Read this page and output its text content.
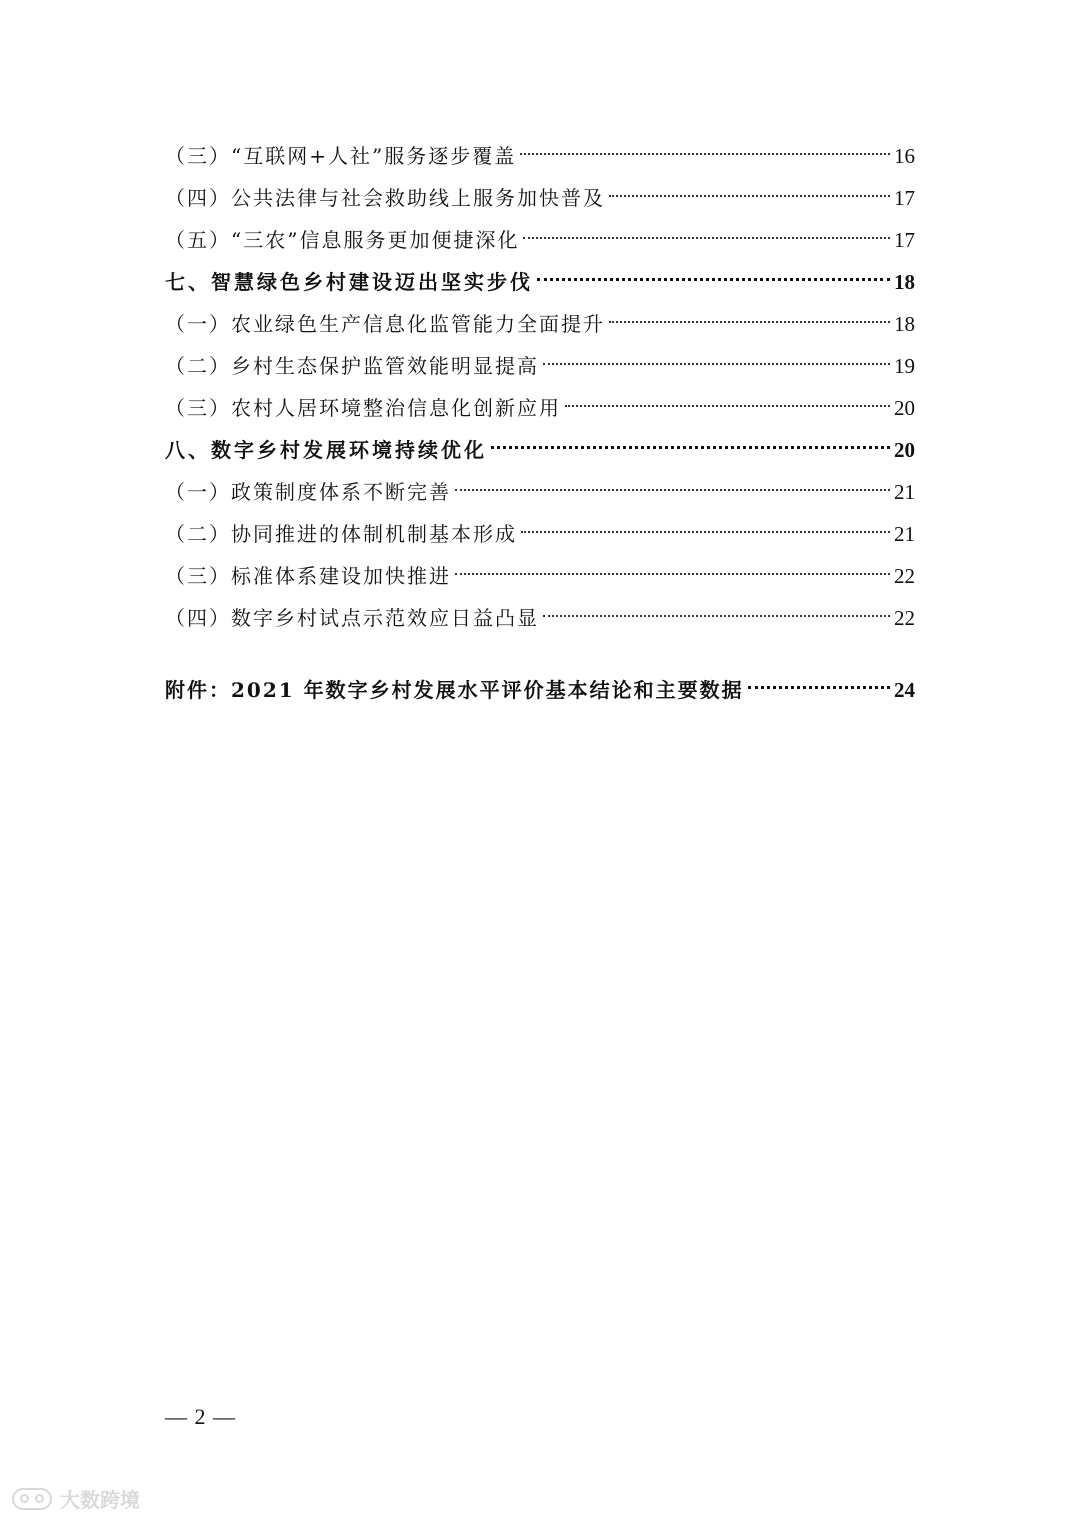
（三）“互联网+人社”服务逐步覆盖	16
（四）公共法律与社会救助线上服务加快普及	17
（五）“三农”信息服务更加便捷深化	17
七、智慧绿色乡村建设迈出坚实步伐	18
（一）农业绿色生产信息化监管能力全面提升	18
（二）乡村生态保护监管效能明显提高	19
（三）农村人居环境整治信息化创新应用	20
八、数字乡村发展环境持续优化	20
（一）政策制度体系不断完善	21
（二）协同推进的体制机制基本形成	21
（三）标准体系建设加快推进	22
（四）数字乡村试点示范效应日益凸显	22
附件：2021 年数字乡村发展水平评价基本结论和主要数据	24
— 2 —
大数跨境
